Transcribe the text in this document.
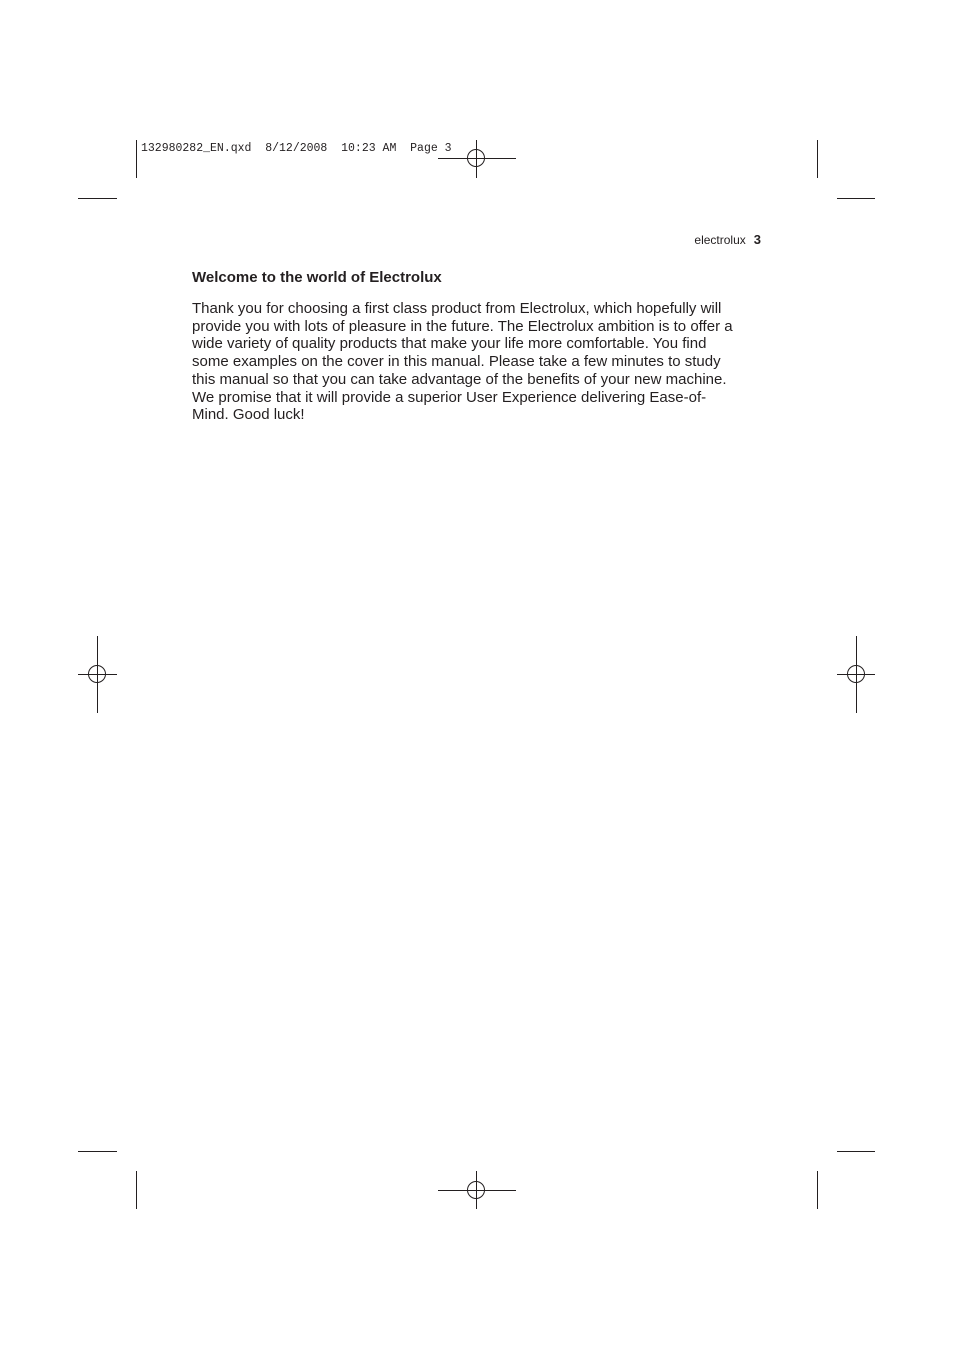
132980282_EN.qxd  8/12/2008  10:23 AM  Page 3
electrolux 3
Welcome to the world of Electrolux

Thank you for choosing a first class product from Electrolux, which hopefully will
provide you with lots of pleasure in the future. The Electrolux ambition is to offer a
wide variety of quality products that make your life more comfortable. You find
some examples on the cover in this manual. Please take a few minutes to study
this manual so that you can take advantage of the benefits of your new machine.
We promise that it will provide a superior User Experience delivering Ease-of-
Mind. Good luck!
